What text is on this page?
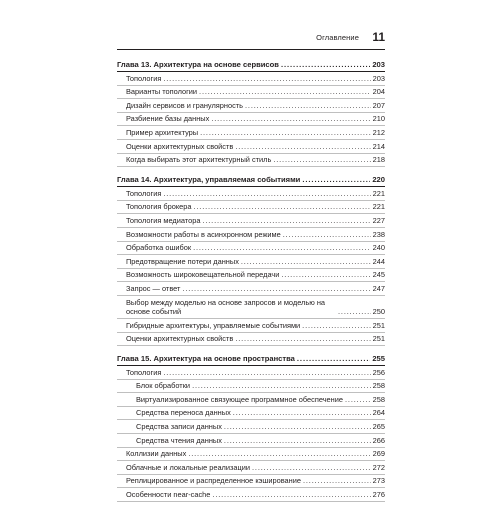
Оглавление 11
Глава 13. Архитектура на основе сервисов . . .	203
Топология . . .	203
Варианты топологии . . .	204
Дизайн сервисов и гранулярность . . .	207
Разбиение базы данных . . .	210
Пример архитектуры . . .	212
Оценки архитектурных свойств . . .	214
Когда выбирать этот архитектурный стиль . . .	218
Глава 14. Архитектура, управляемая событиями . . .	220
Топология . . .	221
Топология брокера . . .	221
Топология медиатора . . .	227
Возможности работы в асинхронном режиме . . .	238
Обработка ошибок . . .	240
Предотвращение потери данных . . .	244
Возможность широковещательной передачи . . .	245
Запрос — ответ . . .	247
Выбор между моделью на основе запросов и моделью на основе событий . . .	250
Гибридные архитектуры, управляемые событиями . . .	251
Оценки архитектурных свойств . . .	251
Глава 15. Архитектура на основе пространства . . .	255
Топология . . .	256
Блок обработки . . .	258
Виртуализированное связующее программное обеспечение . . .	258
Средства переноса данных . . .	264
Средства записи данных . . .	265
Средства чтения данных . . .	266
Коллизии данных . . .	269
Облачные и локальные реализации . . .	272
Реплицированное и распределенное кэширование . . .	273
Особенности near-cache . . .	276
